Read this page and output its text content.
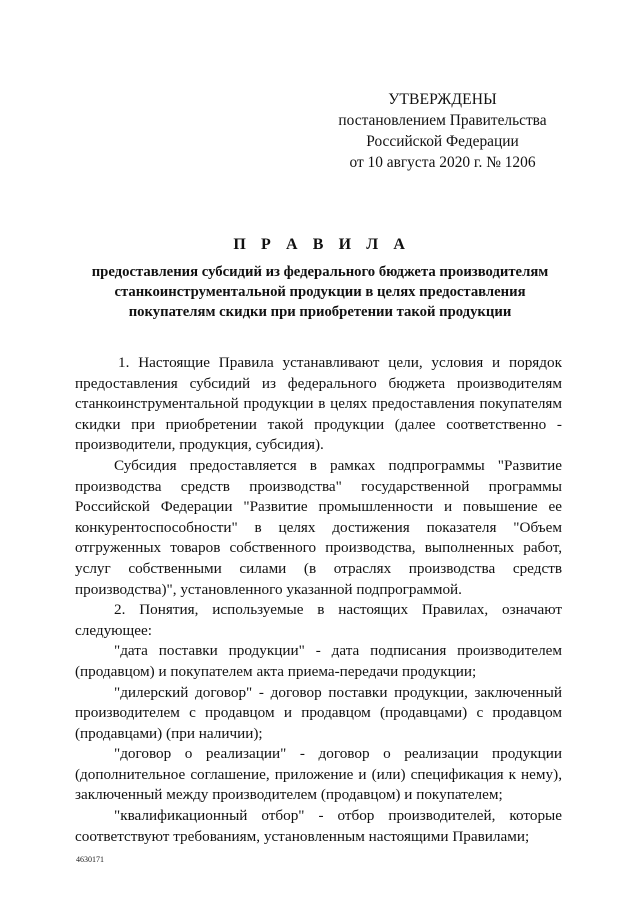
УТВЕРЖДЕНЫ
постановлением Правительства
Российской Федерации
от 10 августа 2020 г. № 1206
П Р А В И Л А
предоставления субсидий из федерального бюджета производителям станкоинструментальной продукции в целях предоставления покупателям скидки при приобретении такой продукции

1. Настоящие Правила устанавливают цели, условия и порядок предоставления субсидий из федерального бюджета производителям станкоинструментальной продукции в целях предоставления покупателям скидки при приобретении такой продукции (далее соответственно - производители, продукция, субсидия).

Субсидия предоставляется в рамках подпрограммы "Развитие производства средств производства" государственной программы Российской Федерации "Развитие промышленности и повышение ее конкурентоспособности" в целях достижения показателя "Объем отгруженных товаров собственного производства, выполненных работ, услуг собственными силами (в отраслях производства средств производства)", установленного указанной подпрограммой.

2. Понятия, используемые в настоящих Правилах, означают следующее:

"дата поставки продукции" - дата подписания производителем (продавцом) и покупателем акта приема-передачи продукции;

"дилерский договор" - договор поставки продукции, заключенный производителем с продавцом и продавцом (продавцами) с продавцом (продавцами) (при наличии);

"договор о реализации" - договор о реализации продукции (дополнительное соглашение, приложение и (или) спецификация к нему), заключенный между производителем (продавцом) и покупателем;

"квалификационный отбор" - отбор производителей, которые соответствуют требованиям, установленным настоящими Правилами;

4630171
